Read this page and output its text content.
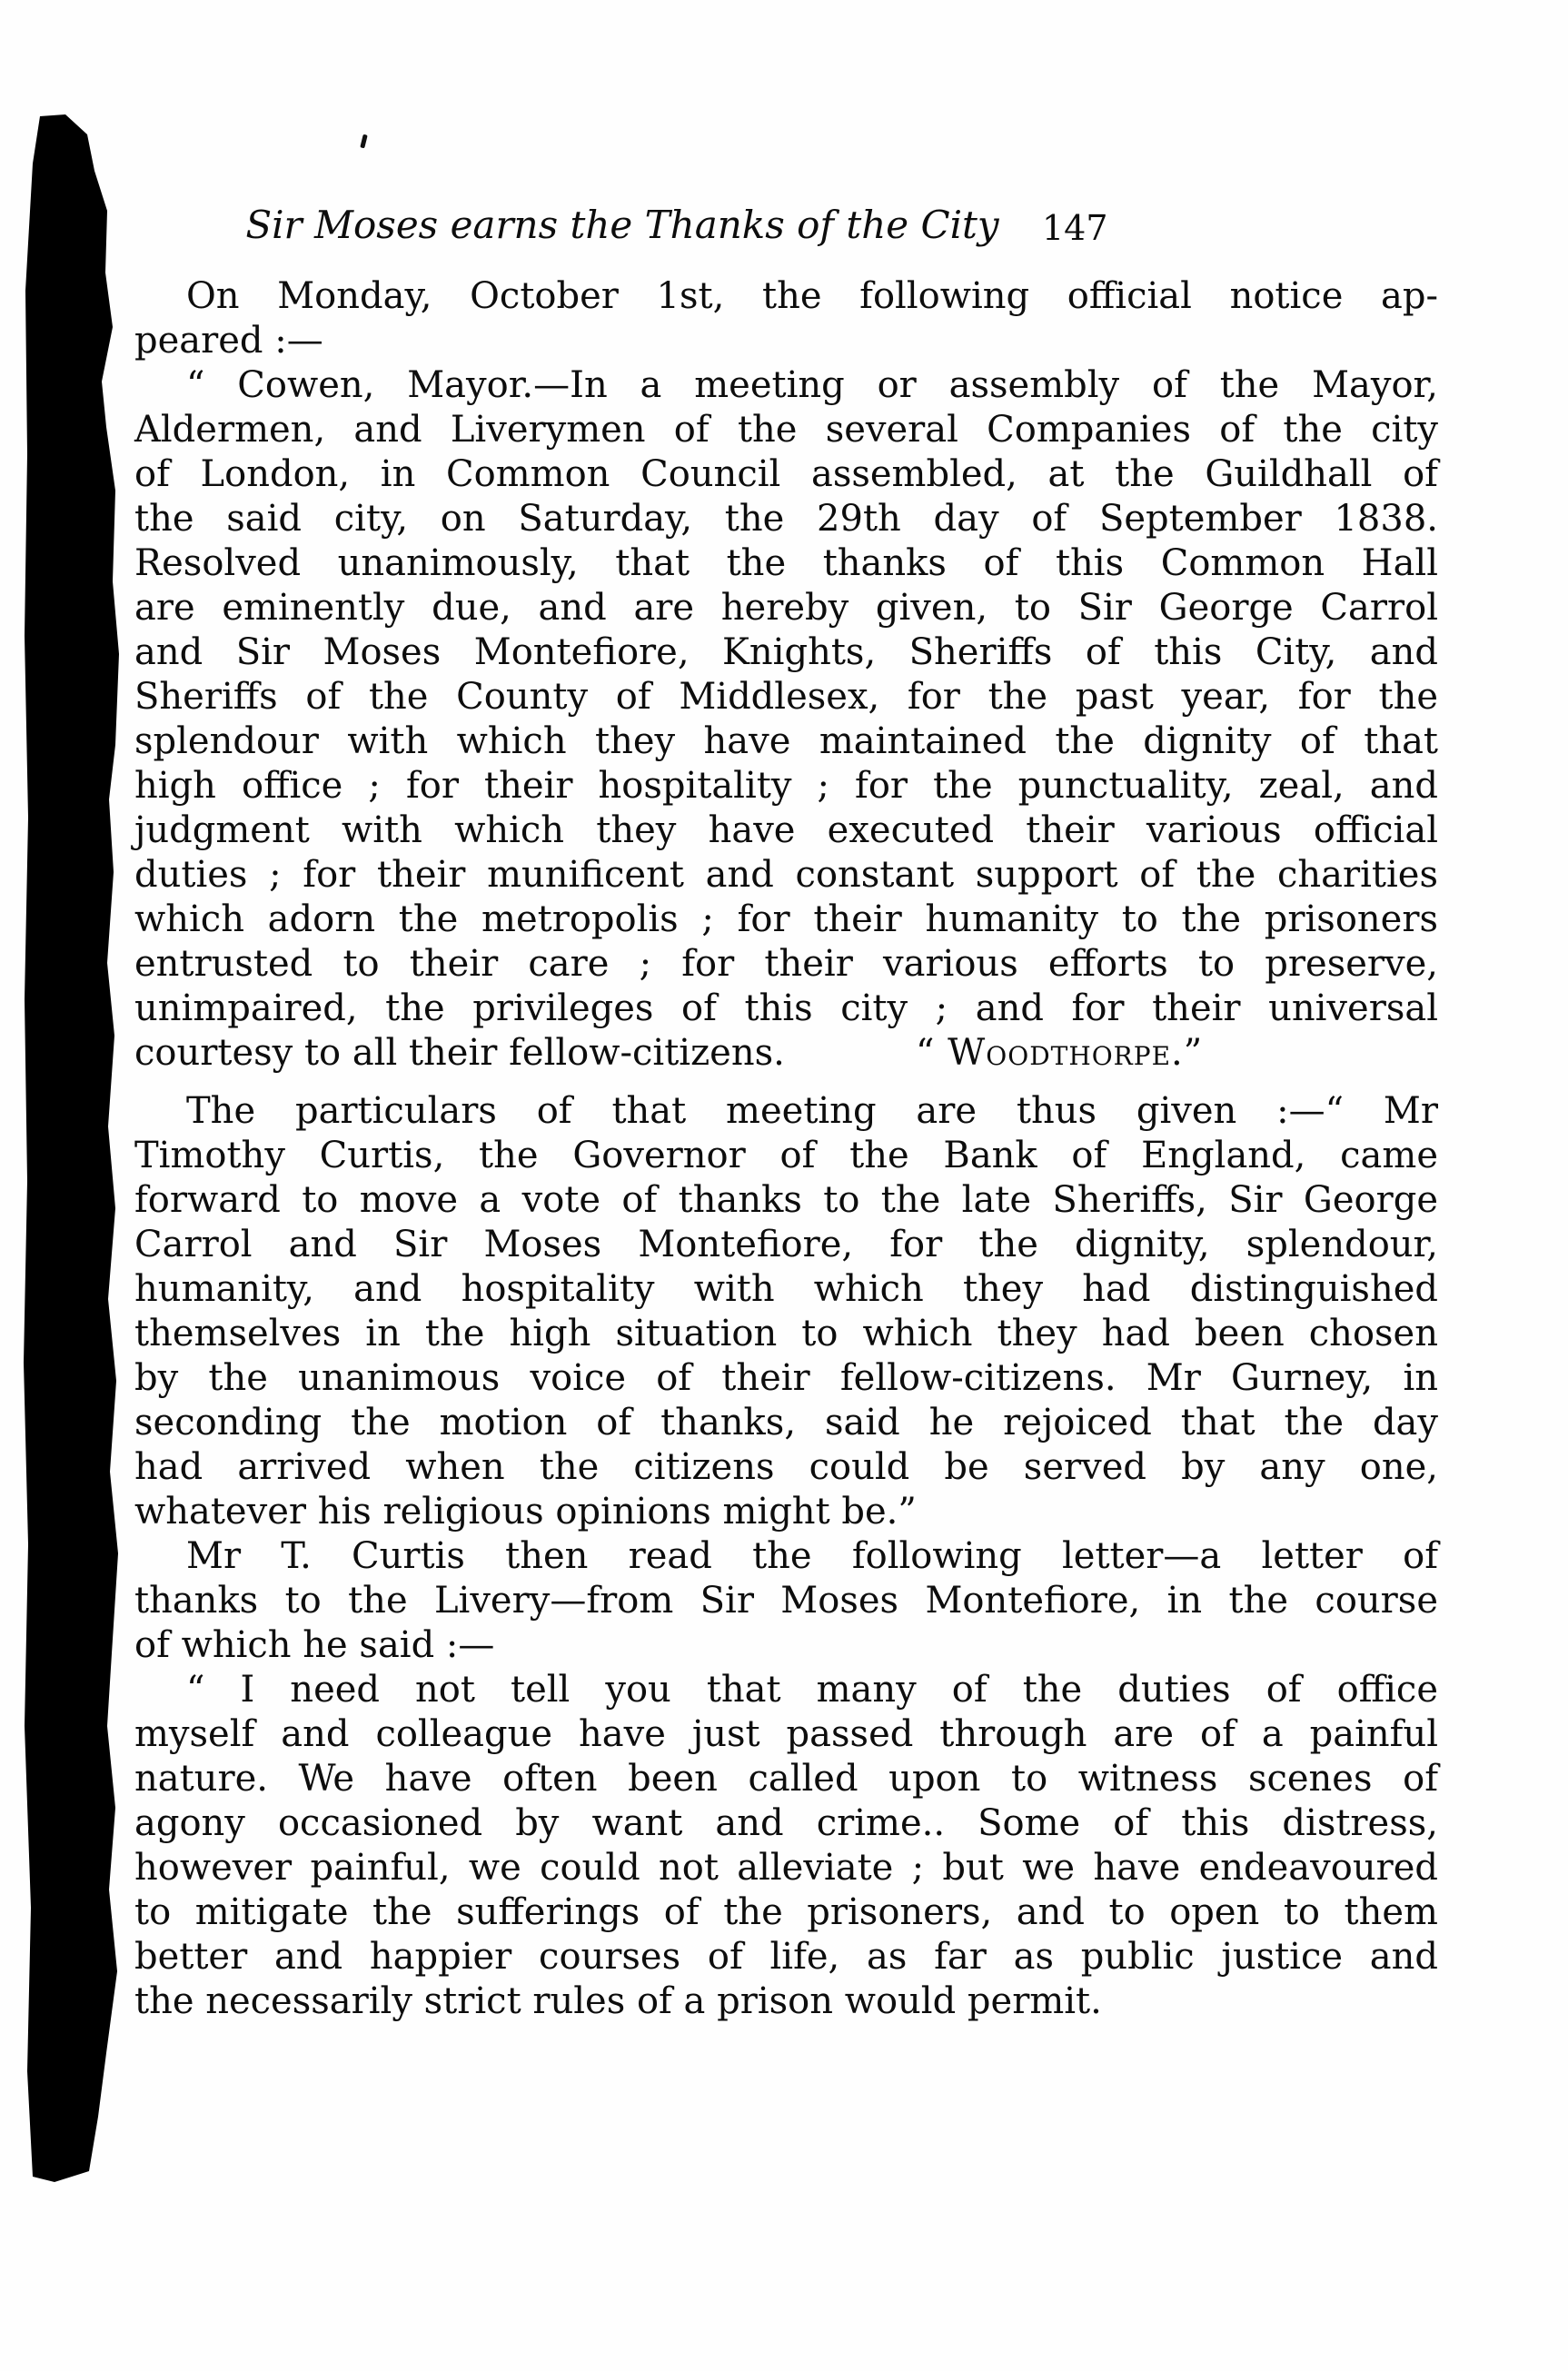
Sir Moses earns the Thanks of the City	147
On Monday, October 1st, the following official notice ap-
peared :—
“ Cowen, Mayor.—In a meeting or assembly of the Mayor,
Aldermen, and Liverymen of the several Companies of the city
of London, in Common Council assembled, at the Guildhall of
the said city, on Saturday, the 29th day of September 1838.
Resolved unanimously, that the thanks of this Common Hall
are eminently due, and are hereby given, to Sir George Carrol
and Sir Moses Montefiore, Knights, Sheriffs of this City, and
Sheriffs of the County of Middlesex, for the past year, for the
splendour with which they have maintained the dignity of that
high office ; for their hospitality ; for the punctuality, zeal, and
judgment with which they have executed their various official
duties ; for their munificent and constant support of the charities
which adorn the metropolis ; for their humanity to the prisoners
entrusted to their care ; for their various efforts to preserve,
unimpaired, the privileges of this city ; and for their universal
courtesy to all their fellow-citizens.	“ Woodthorpe.”
The particulars of that meeting are thus given :—“ Mr
Timothy Curtis, the Governor of the Bank of England, came
forward to move a vote of thanks to the late Sheriffs, Sir George
Carrol and Sir Moses Montefiore, for the dignity, splendour,
humanity, and hospitality with which they had distinguished
themselves in the high situation to which they had been chosen
by the unanimous voice of their fellow-citizens. Mr Gurney, in
seconding the motion of thanks, said he rejoiced that the day
had arrived when the citizens could be served by any one,
whatever his religious opinions might be.”
Mr T. Curtis then read the following letter—a letter of
thanks to the Livery—from Sir Moses Montefiore, in the course
of which he said :—
“ I need not tell you that many of the duties of office
myself and colleague have just passed through are of a painful
nature. We have often been called upon to witness scenes of
agony occasioned by want and crime.. Some of this distress,
however painful, we could not alleviate ; but we have endeavoured
to mitigate the sufferings of the prisoners, and to open to them
better and happier courses of life, as far as public justice and
the necessarily strict rules of a prison would permit.
